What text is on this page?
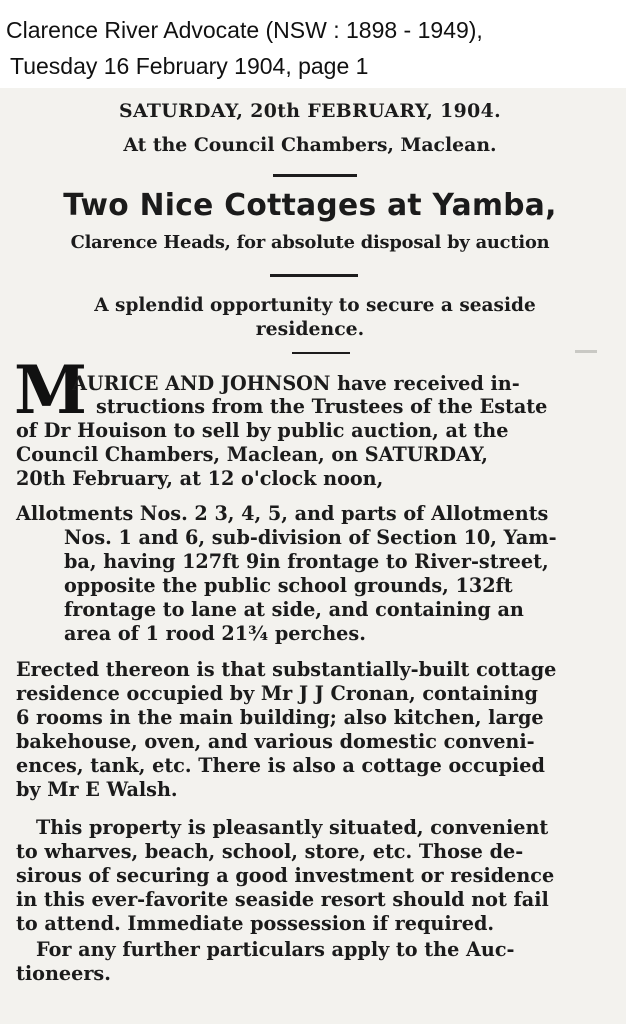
Clarence River Advocate (NSW : 1898 - 1949),
Tuesday 16 February 1904, page 1
SATURDAY, 20th FEBRUARY, 1904.
At the Council Chambers, Maclean.
Two Nice Cottages at Yamba,
Clarence Heads, for absolute disposal by auction
A splendid opportunity to secure a seaside
residence.
M
AURICE AND JOHNSON have received in-
structions from the Trustees of the Estate
of Dr Houison to sell by public auction, at the
Council Chambers, Maclean, on SATURDAY,
20th February, at 12 o'clock noon,
Allotments Nos. 2 3, 4, 5, and parts of Allotments
Nos. 1 and 6, sub-division of Section 10, Yam-
ba, having 127ft 9in frontage to River-street,
opposite the public school grounds, 132ft
frontage to lane at side, and containing an
area of 1 rood 21¾ perches.
Erected thereon is that substantially-built cottage
residence occupied by Mr J J Cronan, containing
6 rooms in the main building; also kitchen, large
bakehouse, oven, and various domestic conveni-
ences, tank, etc. There is also a cottage occupied
by Mr E Walsh.
This property is pleasantly situated, convenient
to wharves, beach, school, store, etc. Those de-
sirous of securing a good investment or residence
in this ever-favorite seaside resort should not fail
to attend. Immediate possession if required.
For any further particulars apply to the Auc-
tioneers.
